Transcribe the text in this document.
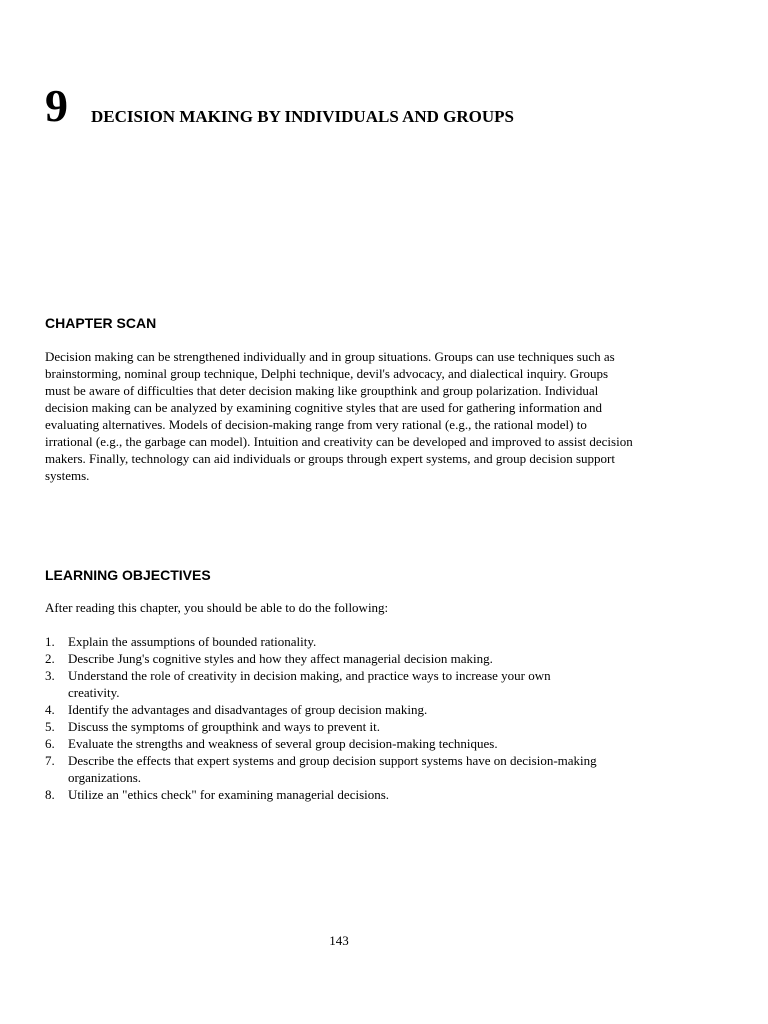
9 DECISION MAKING BY INDIVIDUALS AND GROUPS
CHAPTER SCAN

Decision making can be strengthened individually and in group situations. Groups can use techniques such as brainstorming, nominal group technique, Delphi technique, devil's advocacy, and dialectical inquiry. Groups must be aware of difficulties that deter decision making like groupthink and group polarization. Individual decision making can be analyzed by examining cognitive styles that are used for gathering information and evaluating alternatives. Models of decision-making range from very rational (e.g., the rational model) to irrational (e.g., the garbage can model). Intuition and creativity can be developed and improved to assist decision makers. Finally, technology can aid individuals or groups through expert systems, and group decision support systems.

LEARNING OBJECTIVES

After reading this chapter, you should be able to do the following:

1.	Explain the assumptions of bounded rationality.
2.	Describe Jung's cognitive styles and how they affect managerial decision making.
3.	Understand the role of creativity in decision making, and practice ways to increase your own creativity.
4.	Identify the advantages and disadvantages of group decision making.
5.	Discuss the symptoms of groupthink and ways to prevent it.
6.	Evaluate the strengths and weakness of several group decision-making techniques.
7.	Describe the effects that expert systems and group decision support systems have on decision-making organizations.
8.	Utilize an "ethics check" for examining managerial decisions.

143
